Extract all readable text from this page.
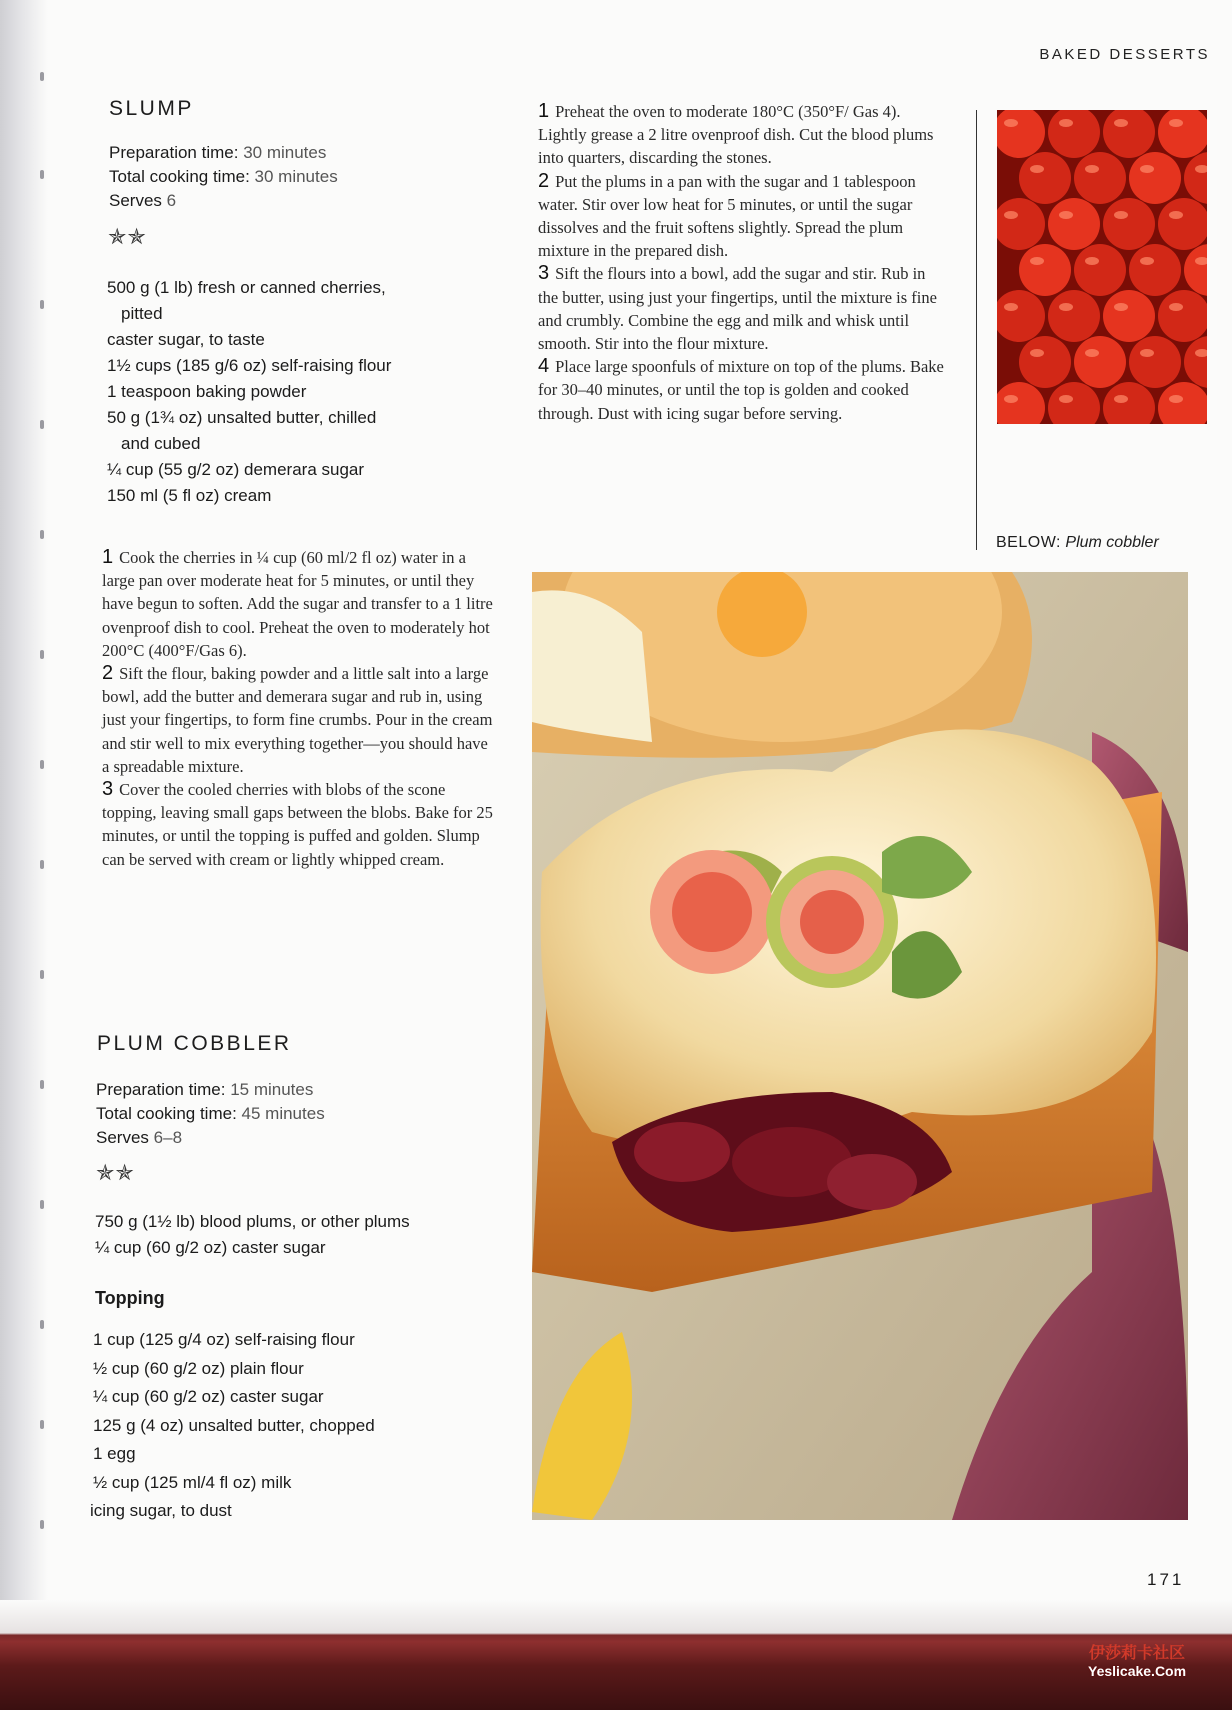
BAKED DESSERTS
SLUMP
Preparation time: 30 minutes
Total cooking time: 30 minutes
Serves 6
✯✯
500 g (1 lb) fresh or canned cherries,
pitted
caster sugar, to taste
1½ cups (185 g/6 oz) self-raising flour
1 teaspoon baking powder
50 g (1¾ oz) unsalted butter, chilled
and cubed
¼ cup (55 g/2 oz) demerara sugar
150 ml (5 fl oz) cream

1 Cook the cherries in ¼ cup (60 ml/2 fl oz) water in a large pan over moderate heat for 5 minutes, or until they have begun to soften. Add the sugar and transfer to a 1 litre ovenproof dish to cool. Preheat the oven to moderately hot 200°C (400°F/Gas 6).

2 Sift the flour, baking powder and a little salt into a large bowl, add the butter and demerara sugar and rub in, using just your fingertips, to form fine crumbs. Pour in the cream and stir well to mix everything together—you should have a spreadable mixture.

3 Cover the cooled cherries with blobs of the scone topping, leaving small gaps between the blobs. Bake for 25 minutes, or until the topping is puffed and golden. Slump can be served with cream or lightly whipped cream.

PLUM COBBLER
Preparation time: 15 minutes
Total cooking time: 45 minutes
Serves 6–8
✯✯
750 g (1½ lb) blood plums, or other plums
¼ cup (60 g/2 oz) caster sugar
Topping
1 cup (125 g/4 oz) self-raising flour
½ cup (60 g/2 oz) plain flour
¼ cup (60 g/2 oz) caster sugar
125 g (4 oz) unsalted butter, chopped
1 egg
½ cup (125 ml/4 fl oz) milk
icing sugar, to dust

1 Preheat the oven to moderate 180°C (350°F/ Gas 4). Lightly grease a 2 litre ovenproof dish. Cut the blood plums into quarters, discarding the stones.

2 Put the plums in a pan with the sugar and 1 tablespoon water. Stir over low heat for 5 minutes, or until the sugar dissolves and the fruit softens slightly. Spread the plum mixture in the prepared dish.

3 Sift the flours into a bowl, add the sugar and stir. Rub in the butter, using just your fingertips, until the mixture is fine and crumbly. Combine the egg and milk and whisk until smooth. Stir into the flour mixture.

4 Place large spoonfuls of mixture on top of the plums. Bake for 30–40 minutes, or until the top is golden and cooked through. Dust with icing sugar before serving.

BELOW: Plum cobbler
171
伊莎莉卡社区
Yeslicake.Com
